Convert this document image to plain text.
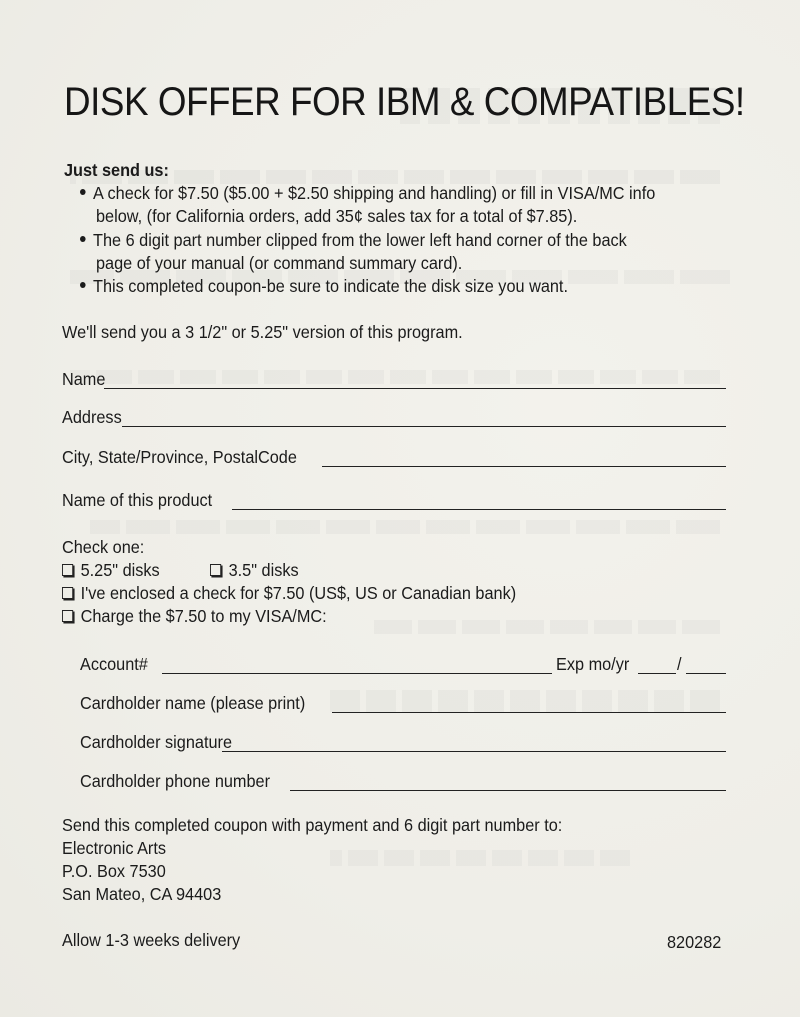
DISK OFFER FOR IBM & COMPATIBLES!
Just send us:
A check for $7.50 ($5.00 + $2.50 shipping and handling) or fill in VISA/MC info
below, (for California orders, add 35¢ sales tax for a total of $7.85).
The 6 digit part number clipped from the lower left hand corner of the back
page of your manual (or command summary card).
This completed coupon-be sure to indicate the disk size you want.
We'll send you a 3 1/2" or 5.25" version of this program.
Name
Address
City, State/Province, PostalCode
Name of this product
Check one:
5.25" disks	3.5" disks
I've enclosed a check for $7.50 (US$, US or Canadian bank)
Charge the $7.50 to my VISA/MC:
Account#	Exp mo/yr	/
Cardholder name (please print)
Cardholder signature
Cardholder phone number
Send this completed coupon with payment and 6 digit part number to:
Electronic Arts
P.O. Box 7530
San Mateo, CA 94403
Allow 1-3 weeks delivery	820282
